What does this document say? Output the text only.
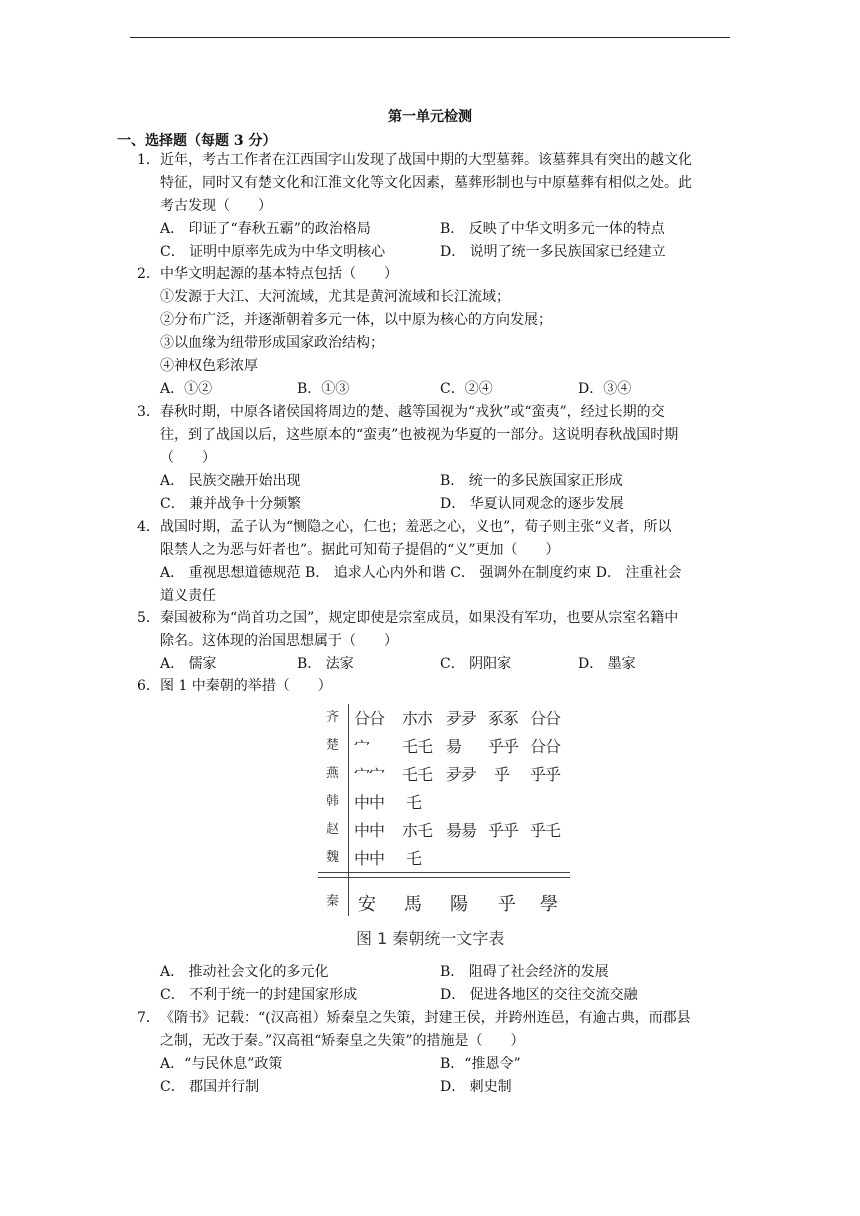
第一单元检测
一、选择题（每题 3 分）
1． 近年，考古工作者在江西国字山发现了战国中期的大型墓葬。该墓葬具有突出的越文化
特征，同时又有楚文化和江淮文化等文化因素，墓葬形制也与中原墓葬有相似之处。此
考古发现（　　）
A． 印证了“春秋五霸”的政治格局	B． 反映了中华文明多元一体的特点
C． 证明中原率先成为中华文明核心	D． 说明了统一多民族国家已经建立
2． 中华文明起源的基本特点包括（　　）
①发源于大江、大河流域，尤其是黄河流域和长江流域；
②分布广泛，并逐渐朝着多元一体，以中原为核心的方向发展；
③以血缘为纽带形成国家政治结构；
④神权色彩浓厚
A．①②	B．①③	C．②④	D．③④
3． 春秋时期，中原各诸侯国将周边的楚、越等国视为“戎狄”或“蛮夷”，经过长期的交
往，到了战国以后，这些原本的“蛮夷”也被视为华夏的一部分。这说明春秋战国时期
（　　）
A． 民族交融开始出现	B． 统一的多民族国家正形成
C． 兼并战争十分频繁	D． 华夏认同观念的逐步发展
4． 战国时期，孟子认为“恻隐之心，仁也；羞恶之心，义也”，荀子则主张“义者，所以
限禁人之为恶与奸者也”。据此可知荀子提倡的“义”更加（　　）
A． 重视思想道德规范 B． 追求人心内外和谐 C． 强调外在制度约束 D． 注重社会
道义责任
5． 秦国被称为“尚首功之国”，规定即使是宗室成员，如果没有军功，也要从宗室名籍中
除名。这体现的治国思想属于（　　）
A． 儒家	B． 法家	C． 阴阳家	D． 墨家
6． 图 1 中秦朝的举措（　　）
齐 㕣㕣 朩朩 夛夛 豖豖 㕣㕣
楚 宀 乇乇 昜 乎乎 㕣㕣
燕 宀宀 乇乇 夛夛 乎 乎乎
韩 中中 乇
赵 中中 朩乇 昜昜 乎乎 乎乇
魏 中中 乇
秦 安 馬 陽 乎 學
图 1 秦朝统一文字表
A． 推动社会文化的多元化	B． 阻碍了社会经济的发展
C． 不利于统一的封建国家形成	D． 促进各地区的交往交流交融
7． 《隋书》记载：“(汉高祖）矫秦皇之失策，封建王侯，并跨州连邑，有逾古典，而郡县
之制，无改于秦。”汉高祖“矫秦皇之失策”的措施是（　　）
A．“与民休息”政策	B．“推恩令”
C． 郡国并行制	D． 刺史制
